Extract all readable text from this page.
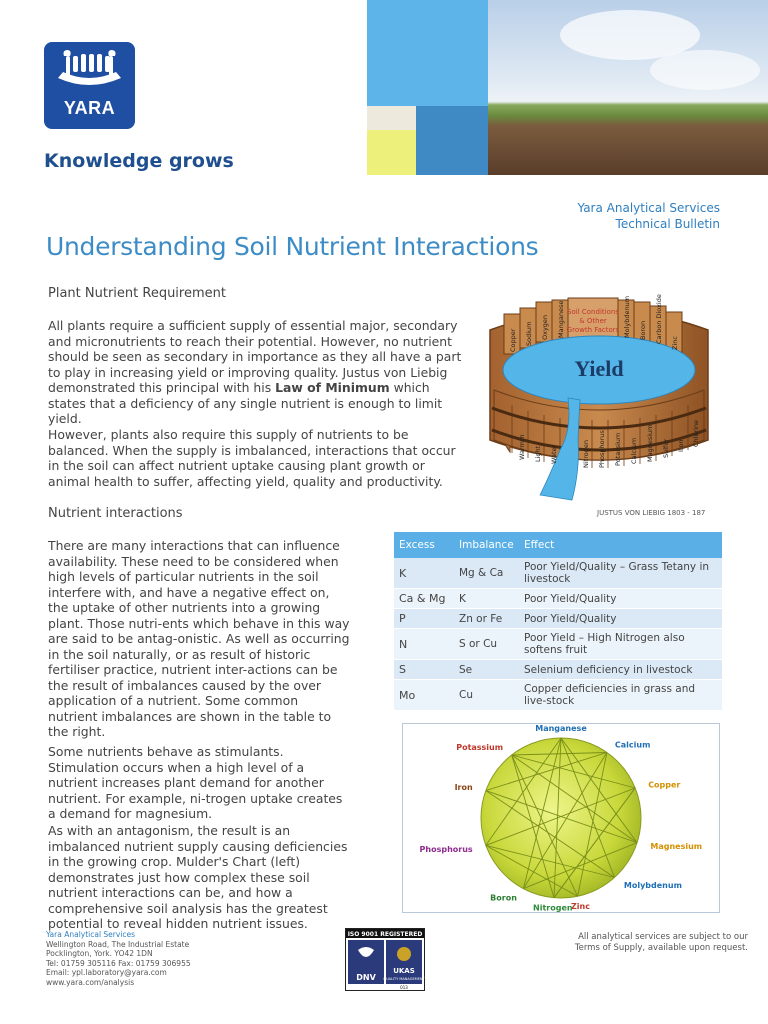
YARA
Knowledge grows
Yara Analytical Services
Technical Bulletin
Understanding Soil Nutrient Interactions
Plant Nutrient Requirement
All plants require a sufficient supply of essential major, secondary and micronutrients to reach their potential. However, no nutrient should be seen as secondary in importance as they all have a part to play in increasing yield or improving quality. Justus von Liebig demonstrated this principal with his Law of Minimum which states that a deficiency of any single nutrient is enough to limit yield.
However, plants also require this supply of nutrients to be balanced. When the supply is imbalanced, interactions that occur in the soil can affect nutrient uptake causing plant growth or animal health to suffer, affecting yield, quality and productivity.
Yield
Copper Sodium Oxygen Manganese	Molybdenum Boron Carbon Dioxide Zinc
Soil Conditions
& Other
Growth Factors
Warmth Light Water	Nitrogen Phosphorus Potassium Calcium Magnesium Sulfur Iron Chlorine
JUSTUS VON LIEBIG 1803 - 187
Nutrient interactions
There are many interactions that can influence availability. These need to be considered when high levels of particular nutrients in the soil interfere with, and have a negative effect on, the uptake of other nutrients into a growing plant. Those nutri-ents which behave in this way are said to be antag-onistic. As well as occurring in the soil naturally, or as result of historic fertiliser practice, nutrient inter-actions can be the result of imbalances caused by the over application of a nutrient. Some common nutrient imbalances are shown in the table to the right.
Some nutrients behave as stimulants. Stimulation occurs when a high level of a nutrient increases plant demand for another nutrient. For example, ni-trogen uptake creates a demand for magnesium.
As with an antagonism, the result is an imbalanced nutrient supply causing deficiencies in the growing crop. Mulder's Chart (left) demonstrates just how complex these soil nutrient interactions can be, and how a comprehensive soil analysis has the greatest potential to reveal hidden nutrient issues.
Excess	Imbalance	Effect
K	Mg & Ca	Poor Yield/Quality – Grass Tetany in livestock
Ca & Mg	K	Poor Yield/Quality
P	Zn or Fe	Poor Yield/Quality
N	S or Cu	Poor Yield – High Nitrogen also softens fruit
S	Se	Selenium deficiency in livestock
Mo	Cu	Copper deficiencies in grass and live-stock
Manganese
Calcium
Copper
Magnesium
Molybdenum
Zinc
Nitrogen
Boron
Phosphorus
Iron
Potassium
Yara Analytical Services
Wellington Road, The Industrial Estate
Pocklington, York. YO42 1DN
Tel: 01759 305116 Fax: 01759 306955
Email: ypl.laboratory@yara.com
www.yara.com/analysis
ISO 9001 REGISTERED
DNV
UKAS
QUALITY MANAGEMENT
013
All analytical services are subject to our
Terms of Supply, available upon request.
